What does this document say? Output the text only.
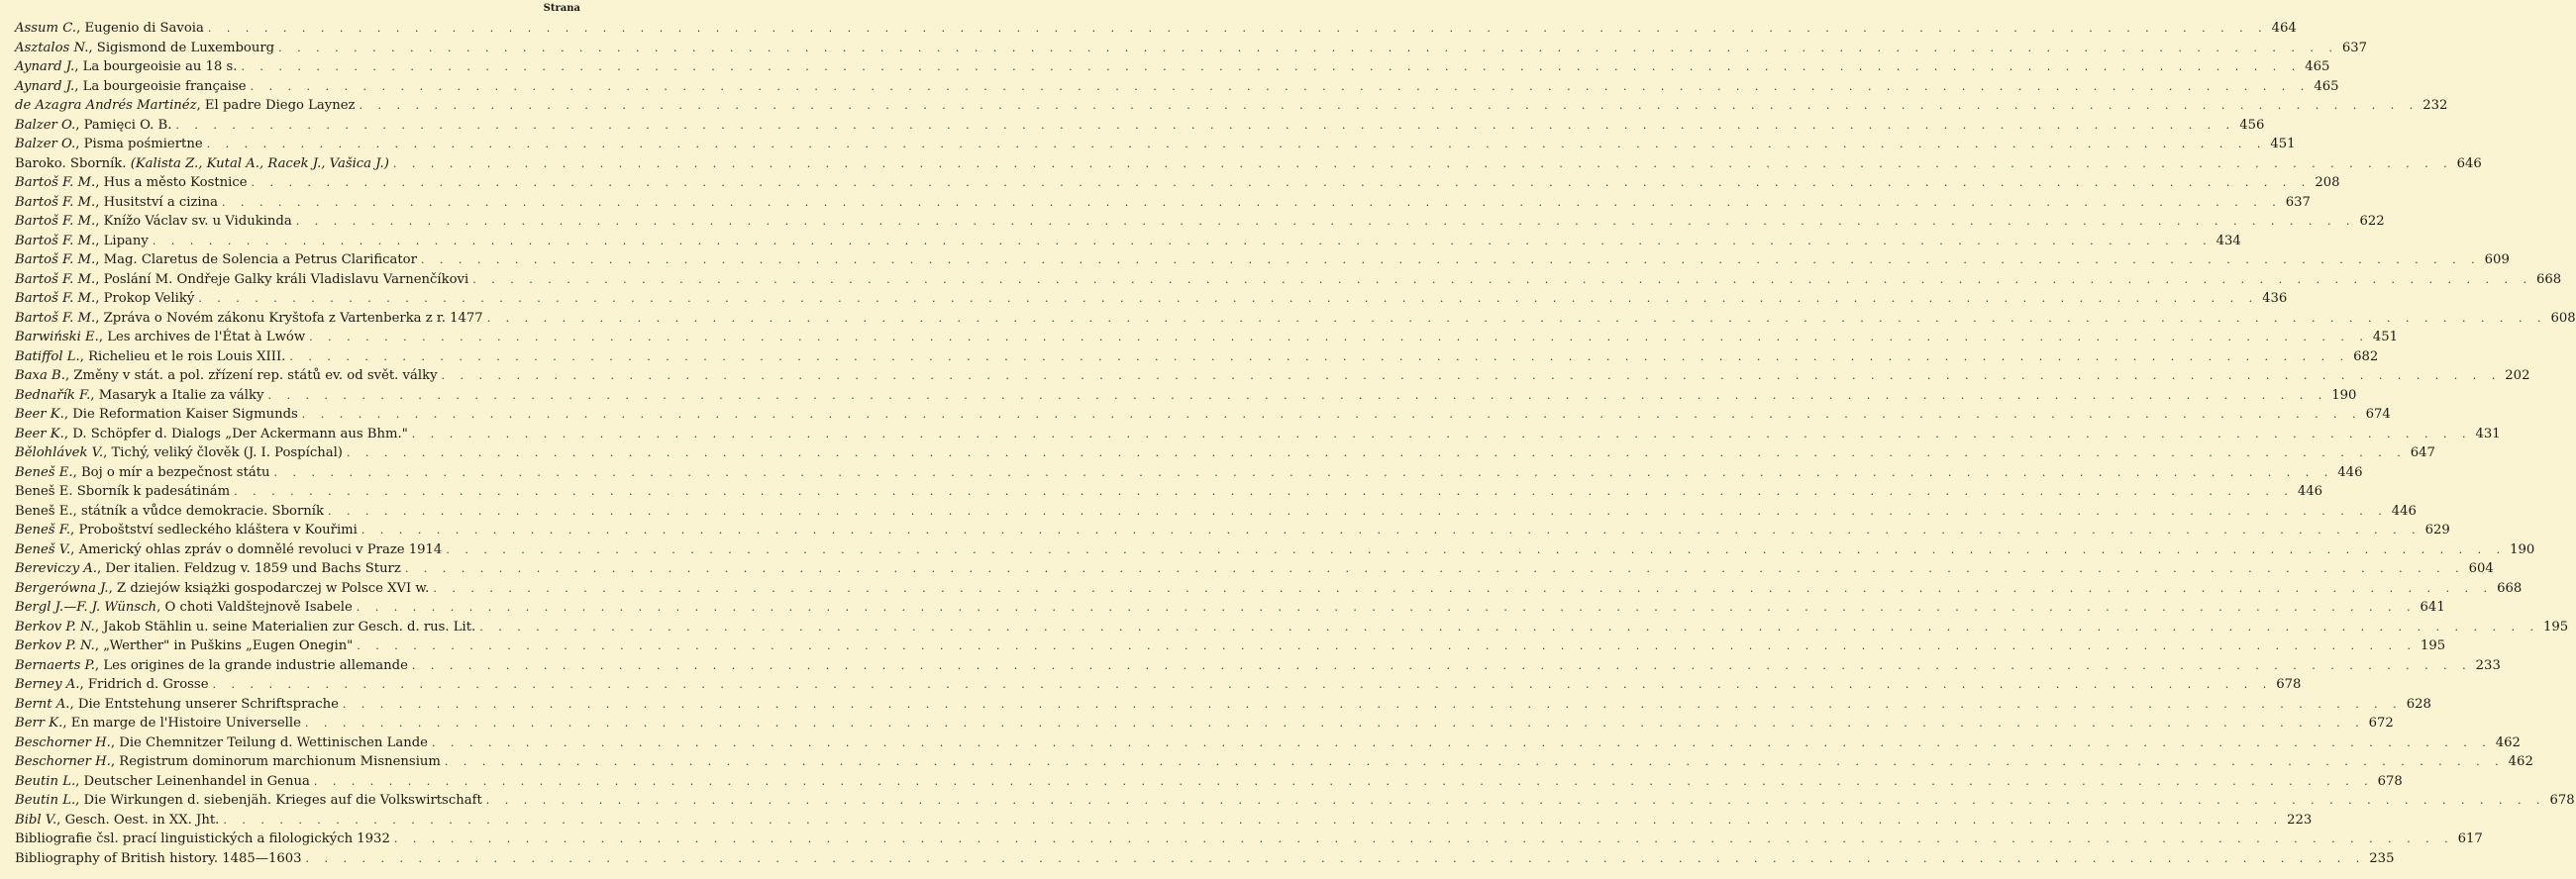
Strana
Assum C., Eugenio di Savoia . . .	464
Asztalos N., Sigismond de Luxembourg . . .	637
Aynard J., La bourgeoisie au 18 s. . . .	465
Aynard J., La bourgeoisie française . . .	465
de Azagra Andrés Martinéz, El padre Diego Laynez . . .	232
Balzer O., Pamięci O. B. . . .	456
Balzer O., Pisma pośmiertne . . .	451
Baroko. Sborník. (Kalista Z., Kutal A., Racek J., Vašica J.) . . .	646
Bartoš F. M., Hus a město Kostnice . . .	208
Bartoš F. M., Husitství a cizina . . .	637
Bartoš F. M., Knížo Václav sv. u Vidukinda . . .	622
Bartoš F. M., Lipany . . .	434
Bartoš F. M., Mag. Claretus de Solencia a Petrus Clarificator . . .	609
Bartoš F. M., Poslání M. Ondřeje Galky králi Vladislavu Varnenčíkovi . . .	668
Bartoš F. M., Prokop Veliký . . .	436
Bartoš F. M., Zpráva o Novém zákonu Kryštofa z Vartenberka z r. 1477 . . .	608
Barwiński E., Les archives de l'État à Lwów . . .	451
Batiffol L., Richelieu et le rois Louis XIII. . . .	682
Baxa B., Změny v stát. a pol. zřízení rep. států ev. od svět. války . . .	202
Bednařík F., Masaryk a Italie za války . . .	190
Beer K., Die Reformation Kaiser Sigmunds . . .	674
Beer K., D. Schöpfer d. Dialogs „Der Ackermann aus Bhm." . . .	431
Bělohlávek V., Tichý, veliký člověk (J. I. Pospíchal) . . .	647
Beneš E., Boj o mír a bezpečnost státu . . .	446
Beneš E. Sborník k padesátinám . . .	446
Beneš E., státník a vůdce demokracie. Sborník . . .	446
Beneš F., Proboštství sedleckého kláštera v Kouřimi . . .	629
Beneš V., Americký ohlas zpráv o domnělé revoluci v Praze 1914 . . .	190
Bereviczy A., Der italien. Feldzug v. 1859 und Bachs Sturz . . .	604
Bergerówna J., Z dziejów książki gospodarczej w Polsce XVI w. . . .	668
Bergl J.—F. J. Wünsch, O choti Valdštejnově Isabele . . .	641
Berkov P. N., Jakob Stählin u. seine Materialien zur Gesch. d. rus. Lit. . . .	195
Berkov P. N., „Werther" in Puškins „Eugen Onegin" . . .	195
Bernaerts P., Les origines de la grande industrie allemande . . .	233
Berney A., Fridrich d. Grosse . . .	678
Bernt A., Die Entstehung unserer Schriftsprache . . .	628
Berr K., En marge de l'Histoire Universelle . . .	672
Beschorner H., Die Chemnitzer Teilung d. Wettinischen Lande . . .	462
Beschorner H., Registrum dominorum marchionum Misnensium . . .	462
Beutin L., Deutscher Leinenhandel in Genua . . .	678
Beutin L., Die Wirkungen d. siebenjäh. Krieges auf die Volkswirtschaft . . .	678
Bibl V., Gesch. Oest. in XX. Jht. . . .	223
Bibliografie čsl. prací linguistických a filologických 1932 . . .	617
Bibliography of British history. 1485—1603 . . .	235
